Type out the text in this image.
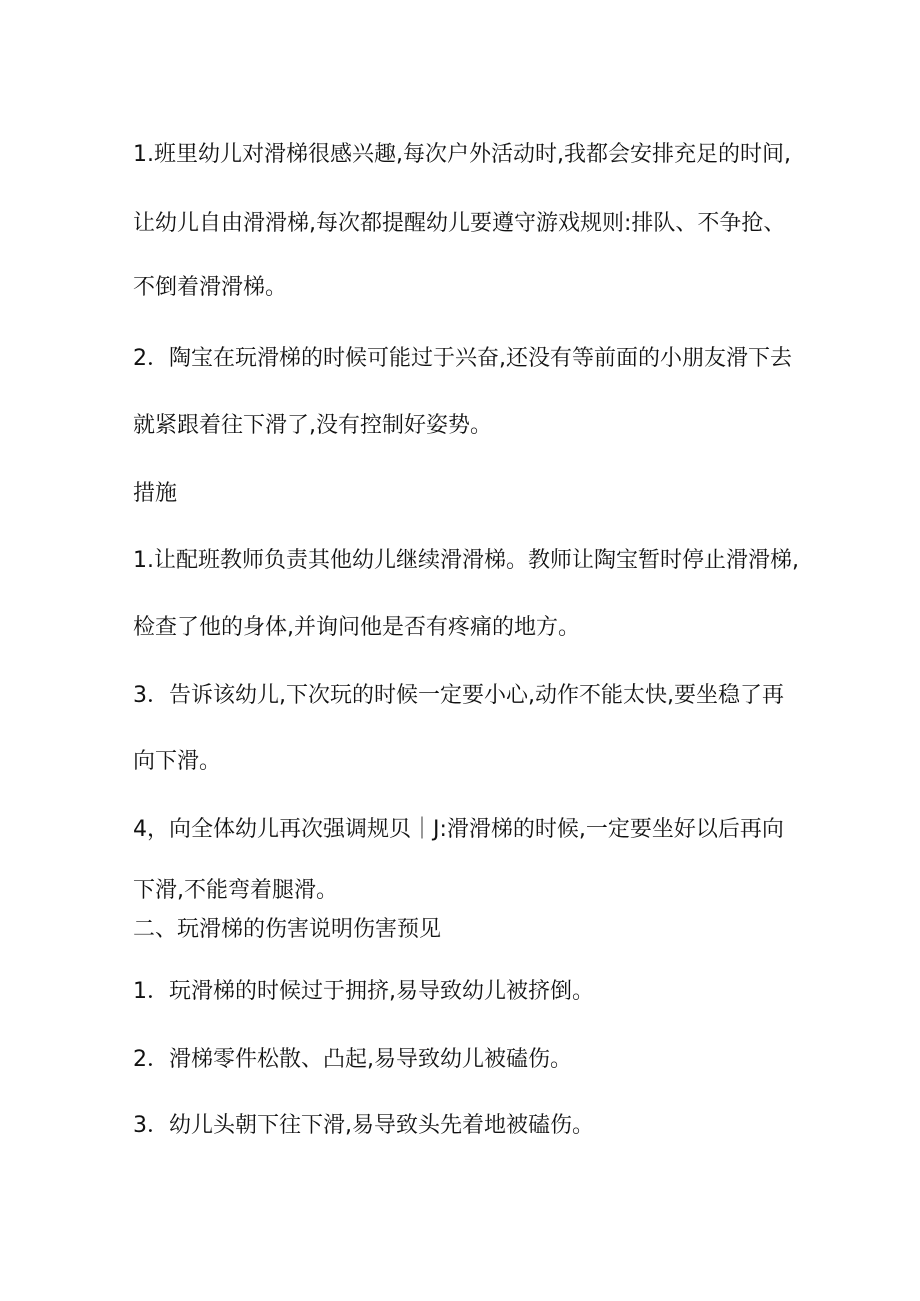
1.班里幼儿对滑梯很感兴趣,每次户外活动时,我都会安排充足的时间,
让幼儿自由滑滑梯,每次都提醒幼儿要遵守游戏规则:排队、不争抢、
不倒着滑滑梯。
2．陶宝在玩滑梯的时候可能过于兴奋,还没有等前面的小朋友滑下去
就紧跟着往下滑了,没有控制好姿势。
措施
1.让配班教师负责其他幼儿继续滑滑梯。教师让陶宝暂时停止滑滑梯,
检查了他的身体,并询问他是否有疼痛的地方。
3．告诉该幼儿,下次玩的时候一定要小心,动作不能太快,要坐稳了再
向下滑。
4，向全体幼儿再次强调规贝｜J:滑滑梯的时候,一定要坐好以后再向
下滑,不能弯着腿滑。
二、玩滑梯的伤害说明伤害预见
1．玩滑梯的时候过于拥挤,易导致幼儿被挤倒。
2．滑梯零件松散、凸起,易导致幼儿被磕伤。
3．幼儿头朝下往下滑,易导致头先着地被磕伤。
